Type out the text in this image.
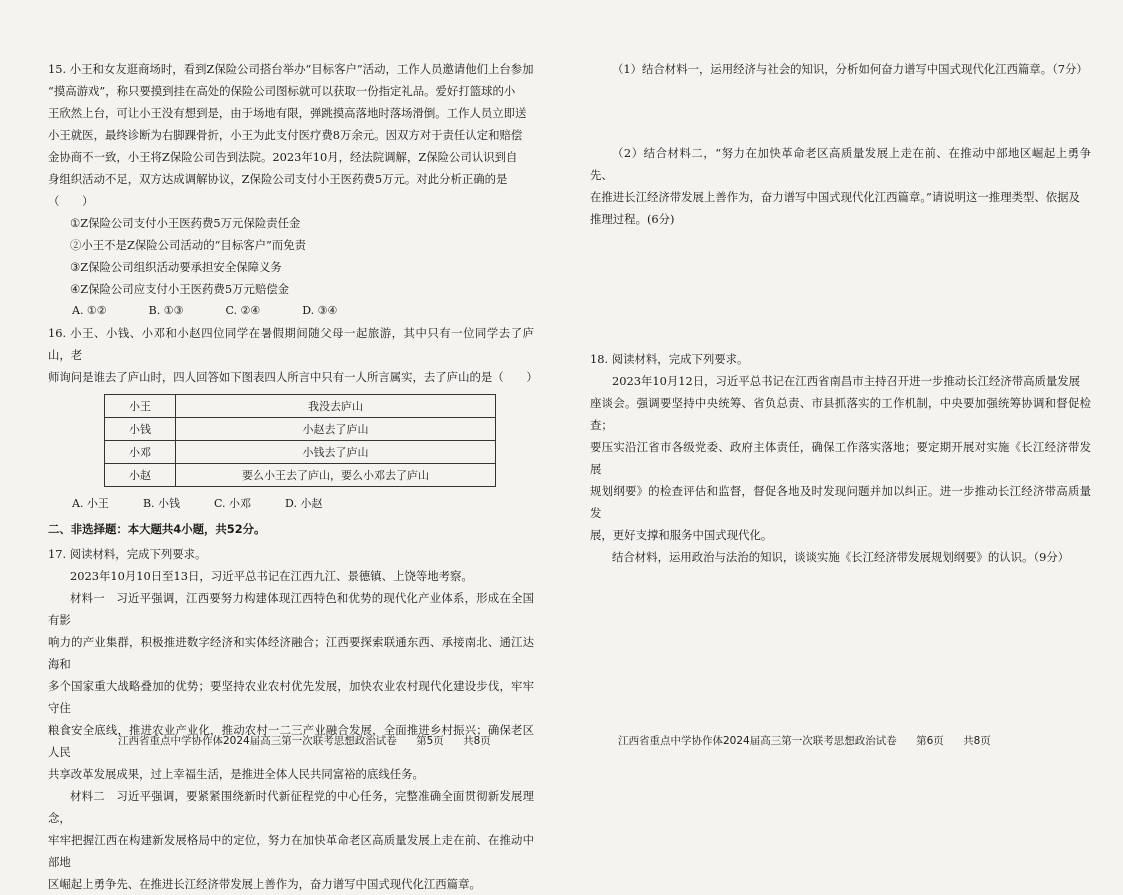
15. 小王和女友逛商场时，看到Z保险公司搭台举办“目标客户”活动，工作人员邀请他们上台参加

“摸高游戏”，称只要摸到挂在高处的保险公司图标就可以获取一份指定礼品。爱好打篮球的小

王欣然上台，可让小王没有想到是，由于场地有限，弹跳摸高落地时落场滑倒。工作人员立即送

小王就医，最终诊断为右脚踝骨折，小王为此支付医疗费8万余元。因双方对于责任认定和赔偿

金协商不一致，小王将Z保险公司告到法院。2023年10月，经法院调解，Z保险公司认识到自

身组织活动不足，双方达成调解协议，Z保险公司支付小王医药费5万元。对此分析正确的是

（　　）

①Z保险公司支付小王医药费5万元保险责任金

②小王不是Z保险公司活动的“目标客户”而免责

③Z保险公司组织活动要承担安全保障义务

④Z保险公司应支付小王医药费5万元赔偿金

A. ①②	B. ①③	C. ②④	D. ③④

16. 小王、小钱、小邓和小赵四位同学在暑假期间随父母一起旅游，其中只有一位同学去了庐山，老

师询问是谁去了庐山时，四人回答如下图表四人所言中只有一人所言属实，去了庐山的是（　　）

小王	我没去庐山
小钱	小赵去了庐山
小邓	小钱去了庐山
小赵	要么小王去了庐山，要么小邓去了庐山
A. 小王	B. 小钱	C. 小邓	D. 小赵

二、非选择题：本大题共4小题，共52分。

17. 阅读材料，完成下列要求。

2023年10月10日至13日，习近平总书记在江西九江、景德镇、上饶等地考察。

材料一　习近平强调，江西要努力构建体现江西特色和优势的现代化产业体系，形成在全国有影

响力的产业集群，积极推进数字经济和实体经济融合；江西要探索联通东西、承接南北、通江达海和

多个国家重大战略叠加的优势；要坚持农业农村优先发展，加快农业农村现代化建设步伐，牢牢守住

粮食安全底线，推进农业产业化，推动农村一二三产业融合发展，全面推进乡村振兴；确保老区人民

共享改革发展成果，过上幸福生活，是推进全体人民共同富裕的底线任务。

材料二　习近平强调，要紧紧围绕新时代新征程党的中心任务，完整准确全面贯彻新发展理念，

牢牢把握江西在构建新发展格局中的定位，努力在加快革命老区高质量发展上走在前、在推动中部地

区崛起上勇争先、在推进长江经济带发展上善作为，奋力谱写中国式现代化江西篇章。

江西省重点中学协作体2024届高三第一次联考思想政治试卷 第5页 共8页

（1）结合材料一，运用经济与社会的知识，分析如何奋力谱写中国式现代化江西篇章。（7分）

（2）结合材料二，“努力在加快革命老区高质量发展上走在前、在推动中部地区崛起上勇争先、

在推进长江经济带发展上善作为，奋力谱写中国式现代化江西篇章。”请说明这一推理类型、依据及

推理过程。(6分)

18. 阅读材料，完成下列要求。

2023年10月12日，习近平总书记在江西省南昌市主持召开进一步推动长江经济带高质量发展

座谈会。强调要坚持中央统筹、省负总责、市县抓落实的工作机制，中央要加强统筹协调和督促检查；

要压实沿江省市各级党委、政府主体责任，确保工作落实落地；要定期开展对实施《长江经济带发展

规划纲要》的检查评估和监督，督促各地及时发现问题并加以纠正。进一步推动长江经济带高质量发

展，更好支撑和服务中国式现代化。

结合材料，运用政治与法治的知识，谈谈实施《长江经济带发展规划纲要》的认识。（9分）

江西省重点中学协作体2024届高三第一次联考思想政治试卷 第6页 共8页
